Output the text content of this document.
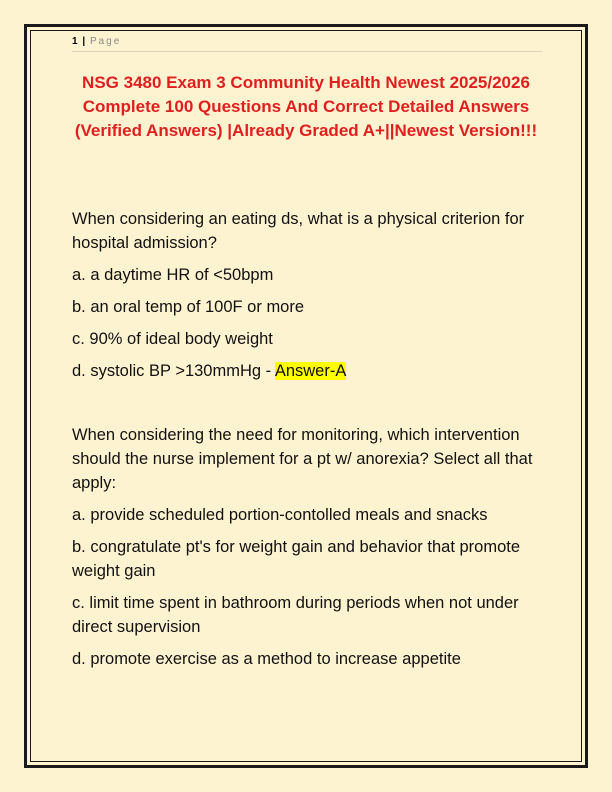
1 | Page
NSG 3480 Exam 3 Community Health Newest 2025/2026 Complete 100 Questions And Correct Detailed Answers (Verified Answers) |Already Graded A+||Newest Version!!!

When considering an eating ds, what is a physical criterion for hospital admission?

a. a daytime HR of <50bpm

b. an oral temp of 100F or more

c. 90% of ideal body weight

d. systolic BP >130mmHg - Answer-A

When considering the need for monitoring, which intervention should the nurse implement for a pt w/ anorexia? Select all that apply:

a. provide scheduled portion-contolled meals and snacks

b. congratulate pt's for weight gain and behavior that promote weight gain

c. limit time spent in bathroom during periods when not under direct supervision

d. promote exercise as a method to increase appetite
